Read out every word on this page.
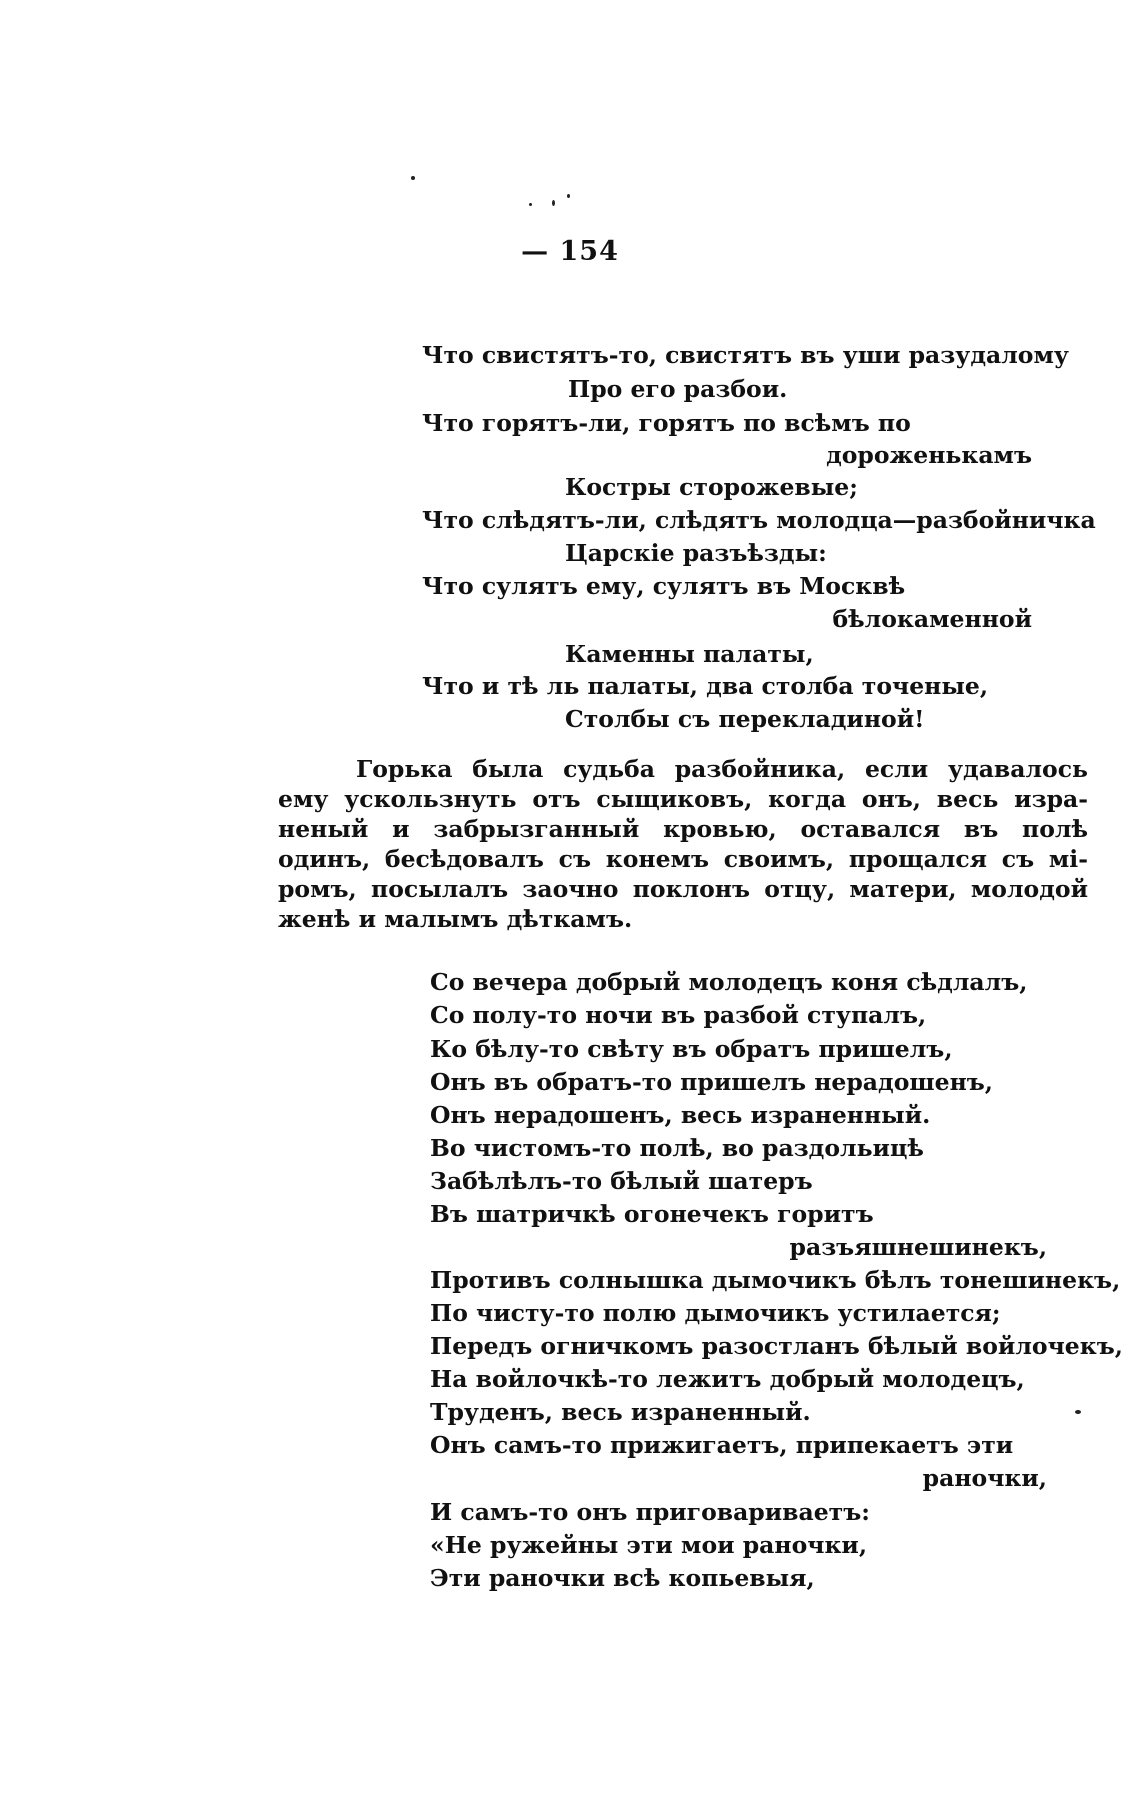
— 154
Что свистятъ-то, свистятъ въ уши разудалому
Про его разбои.
Что горятъ-ли, горятъ по всѣмъ по
дороженькамъ
Костры сторожевые;
Что слѣдятъ-ли, слѣдятъ молодца—разбойничка
Царскіе разъѣзды:
Что сулятъ ему, сулятъ въ Москвѣ
бѣлокаменной
Каменны палаты,
Что и тѣ ль палаты, два столба точеные,
Столбы съ перекладиной!
Горька была судьба разбойника, если удавалось
ему ускользнуть отъ сыщиковъ, когда онъ, весь изра-
неный и забрызганный кровью, оставался въ полѣ
одинъ, бесѣдовалъ съ конемъ своимъ, прощался съ мі-
ромъ, посылалъ заочно поклонъ отцу, матери, молодой
женѣ и малымъ дѣткамъ.
Со вечера добрый молодецъ коня сѣдлалъ,
Со полу-то ночи въ разбой ступалъ,
Ко бѣлу-то свѣту въ обратъ пришелъ,
Онъ въ обратъ-то пришелъ нерадошенъ,
Онъ нерадошенъ, весь израненный.
Во чистомъ-то полѣ, во раздольицѣ
Забѣлѣлъ-то бѣлый шатеръ
Въ шатричкѣ огонечекъ горитъ
разъяшнешинекъ,
Противъ солнышка дымочикъ бѣлъ тонешинекъ,
По чисту-то полю дымочикъ устилается;
Передъ огничкомъ разостланъ бѣлый войлочекъ,
На войлочкѣ-то лежитъ добрый молодецъ,
Труденъ, весь израненный.
Онъ самъ-то прижигаетъ, припекаетъ эти
раночки,
И самъ-то онъ приговариваетъ:
«Не ружейны эти мои раночки,
Эти раночки всѣ копьевыя,
